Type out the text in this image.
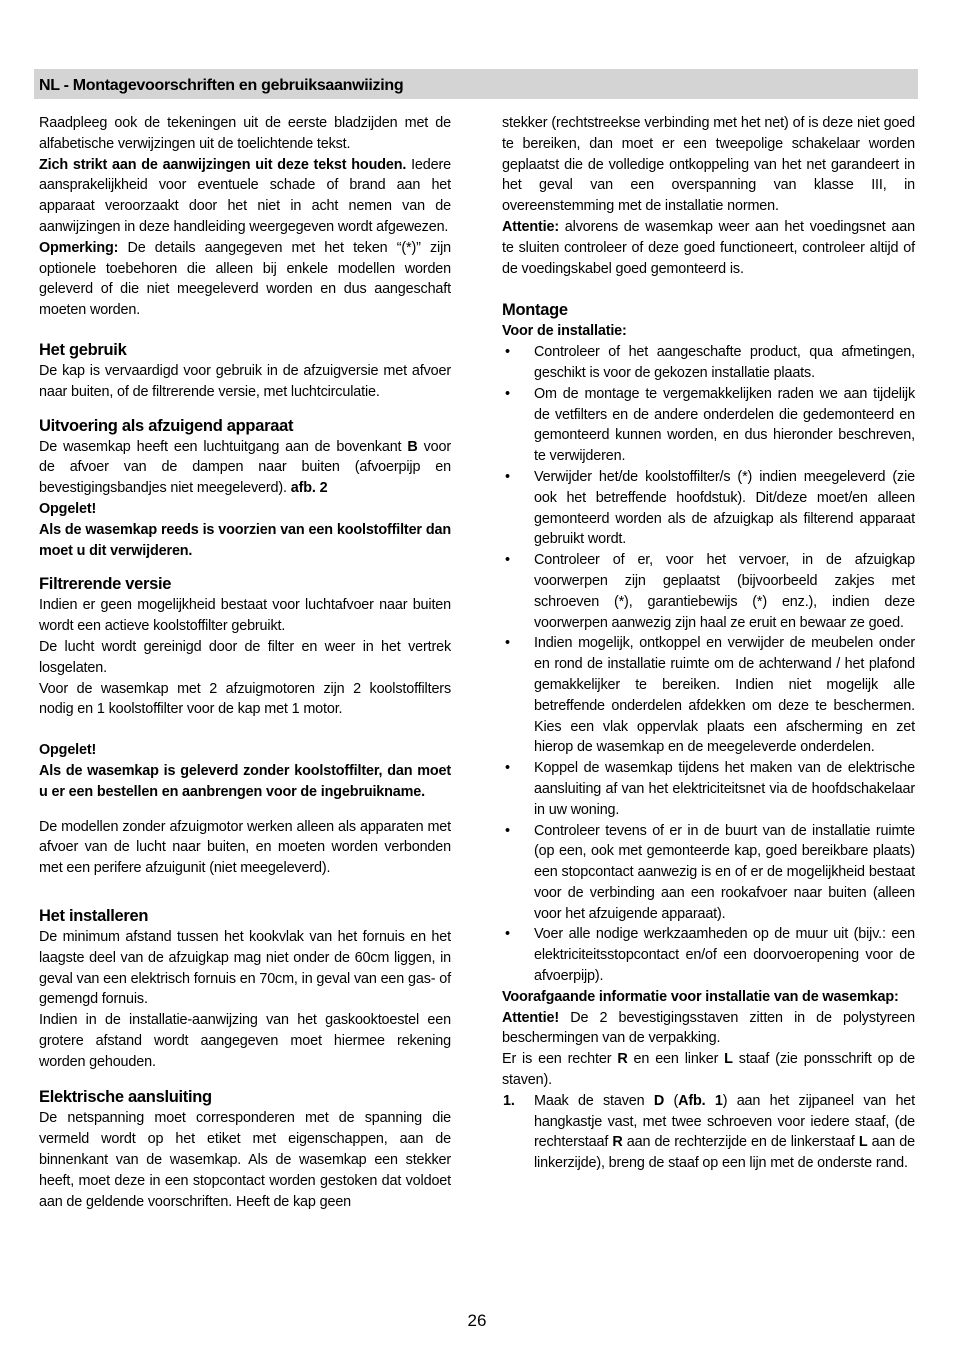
NL - Montagevoorschriften en gebruiksaanwiizing

Raadpleeg ook de tekeningen uit de eerste bladzijden met de alfabetische verwijzingen uit de toelichtende tekst.

Zich strikt aan de aanwijzingen uit deze tekst houden. Iedere aansprakelijkheid voor eventuele schade of brand aan het apparaat veroorzaakt door het niet in acht nemen van de aanwijzingen in deze handleiding weergegeven wordt afgewezen.

Opmerking: De details aangegeven met het teken “(*)” zijn optionele toebehoren die alleen bij enkele modellen worden geleverd of die niet meegeleverd worden en dus aangeschaft moeten worden.

Het gebruik

De kap is vervaardigd voor gebruik in de afzuigversie met afvoer naar buiten, of de filtrerende versie, met luchtcirculatie.

Uitvoering als afzuigend apparaat

De wasemkap heeft een luchtuitgang aan de bovenkant B voor de afvoer van de dampen naar buiten (afvoerpijp en bevestigingsbandjes niet meegeleverd). afb. 2

Opgelet!

Als de wasemkap reeds is voorzien van een koolstoffilter dan moet u dit verwijderen.

Filtrerende versie

Indien er geen mogelijkheid bestaat voor luchtafvoer naar buiten wordt een actieve koolstoffilter gebruikt.

De lucht wordt gereinigd door de filter en weer in het vertrek losgelaten.

Voor de wasemkap met 2 afzuigmotoren zijn 2 koolstoffilters nodig en 1 koolstoffilter voor de kap met 1 motor.

Opgelet!

Als de wasemkap is geleverd zonder koolstoffilter, dan moet u er een bestellen en aanbrengen voor de ingebruikname.

De modellen zonder afzuigmotor werken alleen als apparaten met afvoer van de lucht naar buiten, en moeten worden verbonden met een perifere afzuigunit (niet meegeleverd).

Het installeren

De minimum afstand tussen het kookvlak van het fornuis en het laagste deel van de afzuigkap mag niet onder de 60cm liggen, in geval van een elektrisch fornuis en 70cm, in geval van een gas- of gemengd fornuis.

Indien in de installatie-aanwijzing van het gaskooktoestel een grotere afstand wordt aangegeven moet hiermee rekening worden gehouden.

Elektrische aansluiting

De netspanning moet corresponderen met de spanning die vermeld wordt op het etiket met eigenschappen, aan de binnenkant van de wasemkap. Als de wasemkap een stekker heeft, moet deze in een stopcontact worden gestoken dat voldoet aan de geldende voorschriften. Heeft de kap geen

stekker (rechtstreekse verbinding met het net) of is deze niet goed te bereiken, dan moet er een tweepolige schakelaar worden geplaatst die de volledige ontkoppeling van het net garandeert in het geval van een overspanning van klasse III, in overeenstemming met de installatie normen.

Attentie: alvorens de wasemkap weer aan het voedingsnet aan te sluiten controleer of deze goed functioneert, controleer altijd of de voedingskabel goed gemonteerd is.

Montage

Voor de installatie:

• Controleer of het aangeschafte product, qua afmetingen, geschikt is voor de gekozen installatie plaats.
• Om de montage te vergemakkelijken raden we aan tijdelijk de vetfilters en de andere onderdelen die gedemonteerd en gemonteerd kunnen worden, en dus hieronder beschreven, te verwijderen.
• Verwijder het/de koolstoffilter/s (*) indien meegeleverd (zie ook het betreffende hoofdstuk). Dit/deze moet/en alleen gemonteerd worden als de afzuigkap als filterend apparaat gebruikt wordt.
• Controleer of er, voor het vervoer, in de afzuigkap voorwerpen zijn geplaatst (bijvoorbeeld zakjes met schroeven (*), garantiebewijs (*) enz.), indien deze voorwerpen aanwezig zijn haal ze eruit en bewaar ze goed.
• Indien mogelijk, ontkoppel en verwijder de meubelen onder en rond de installatie ruimte om de achterwand / het plafond gemakkelijker te bereiken. Indien niet mogelijk alle betreffende onderdelen afdekken om deze te beschermen. Kies een vlak oppervlak plaats een afscherming en zet hierop de wasemkap en de meegeleverde onderdelen.
• Koppel de wasemkap tijdens het maken van de elektrische aansluiting af van het elektriciteitsnet via de hoofdschakelaar in uw woning.
• Controleer tevens of er in de buurt van de installatie ruimte (op een, ook met gemonteerde kap, goed bereikbare plaats) een stopcontact aanwezig is en of er de mogelijkheid bestaat voor de verbinding aan een rookafvoer naar buiten (alleen voor het afzuigende apparaat).
• Voer alle nodige werkzaamheden op de muur uit (bijv.: een elektriciteitsstopcontact en/of een doorvoeropening voor de afvoerpijp).

Voorafgaande informatie voor installatie van de wasemkap:

Attentie! De 2 bevestigingsstaven zitten in de polystyreen beschermingen van de verpakking.

Er is een rechter R en een linker L staaf (zie ponsschrift op de staven).

1. Maak de staven D (Afb. 1) aan het zijpaneel van het hangkastje vast, met twee schroeven voor iedere staaf, (de rechterstaaf R aan de rechterzijde en de linkerstaaf L aan de linkerzijde), breng de staaf op een lijn met de onderste rand.
26
